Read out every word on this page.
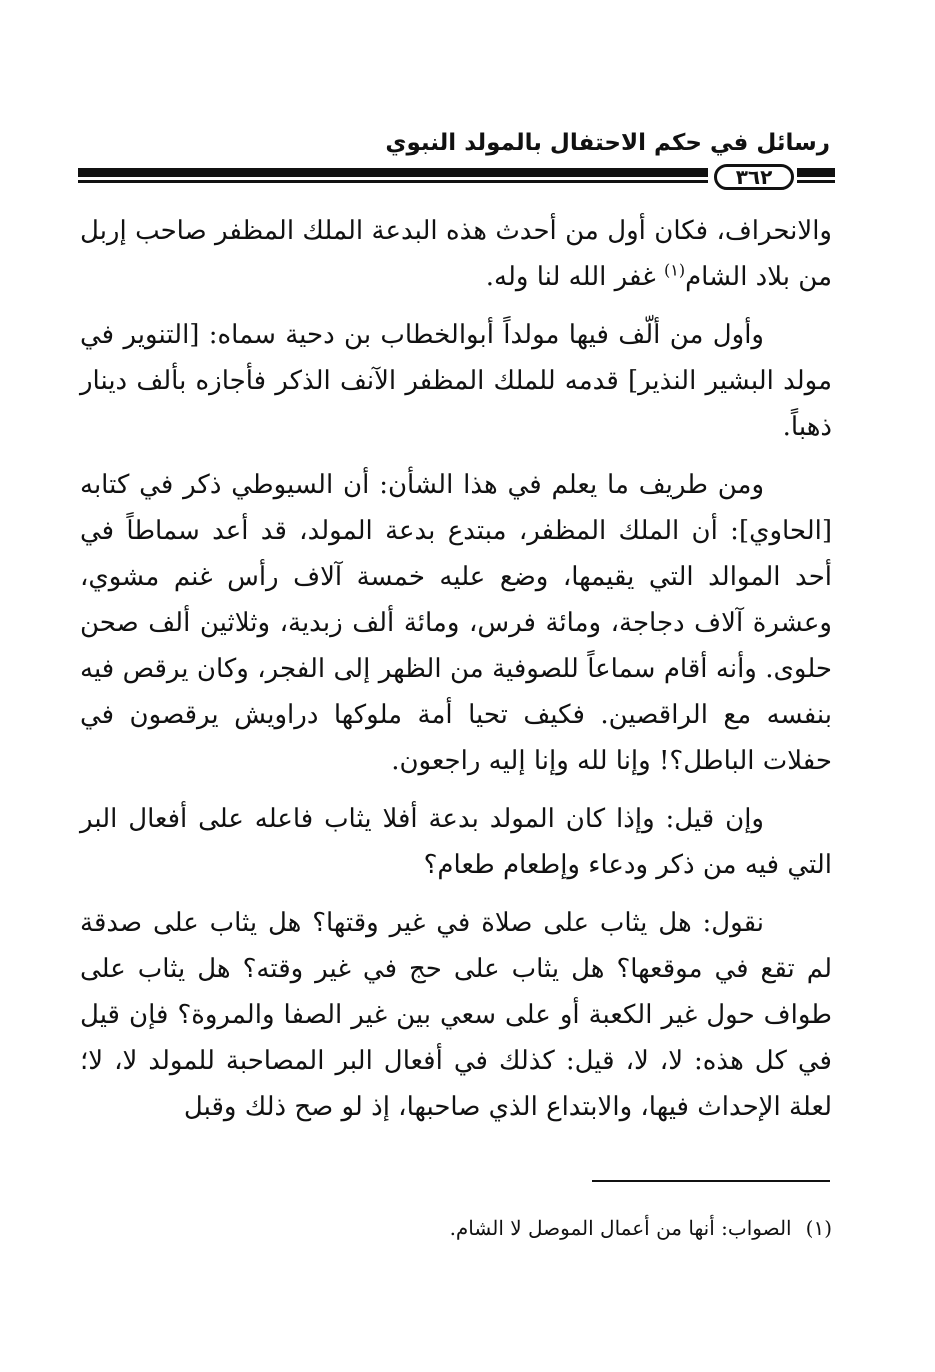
رسائل في حكم الاحتفال بالمولد النبوي
٣٦٢

والانحراف، فكان أول من أحدث هذه البدعة الملك المظفر صاحب إربل من بلاد الشام$^{(١)}$ غفر الله لنا وله.

وأول من ألّف فيها مولداً أبوالخطاب بن دحية سماه: [التنوير في مولد البشير النذير] قدمه للملك المظفر الآنف الذكر فأجازه بألف دينار ذهباً.

ومن طريف ما يعلم في هذا الشأن: أن السيوطي ذكر في كتابه [الحاوي]: أن الملك المظفر، مبتدع بدعة المولد، قد أعد سماطاً في أحد الموالد التي يقيمها، وضع عليه خمسة آلاف رأس غنم مشوي، وعشرة آلاف دجاجة، ومائة فرس، ومائة ألف زبدية، وثلاثين ألف صحن حلوى. وأنه أقام سماعاً للصوفية من الظهر إلى الفجر، وكان يرقص فيه بنفسه مع الراقصين. فكيف تحيا أمة ملوكها دراويش يرقصون في حفلات الباطل؟! وإنا لله وإنا إليه راجعون.

وإن قيل: وإذا كان المولد بدعة أفلا يثاب فاعله على أفعال البر التي فيه من ذكر ودعاء وإطعام طعام؟

نقول: هل يثاب على صلاة في غير وقتها؟ هل يثاب على صدقة لم تقع في موقعها؟ هل يثاب على حج في غير وقته؟ هل يثاب على طواف حول غير الكعبة أو على سعي بين غير الصفا والمروة؟ فإن قيل في كل هذه: لا، لا، قيل: كذلك في أفعال البر المصاحبة للمولد لا، لا؛ لعلة الإحداث فيها، والابتداع الذي صاحبها، إذ لو صح ذلك وقبل

(١)الصواب: أنها من أعمال الموصل لا الشام.
